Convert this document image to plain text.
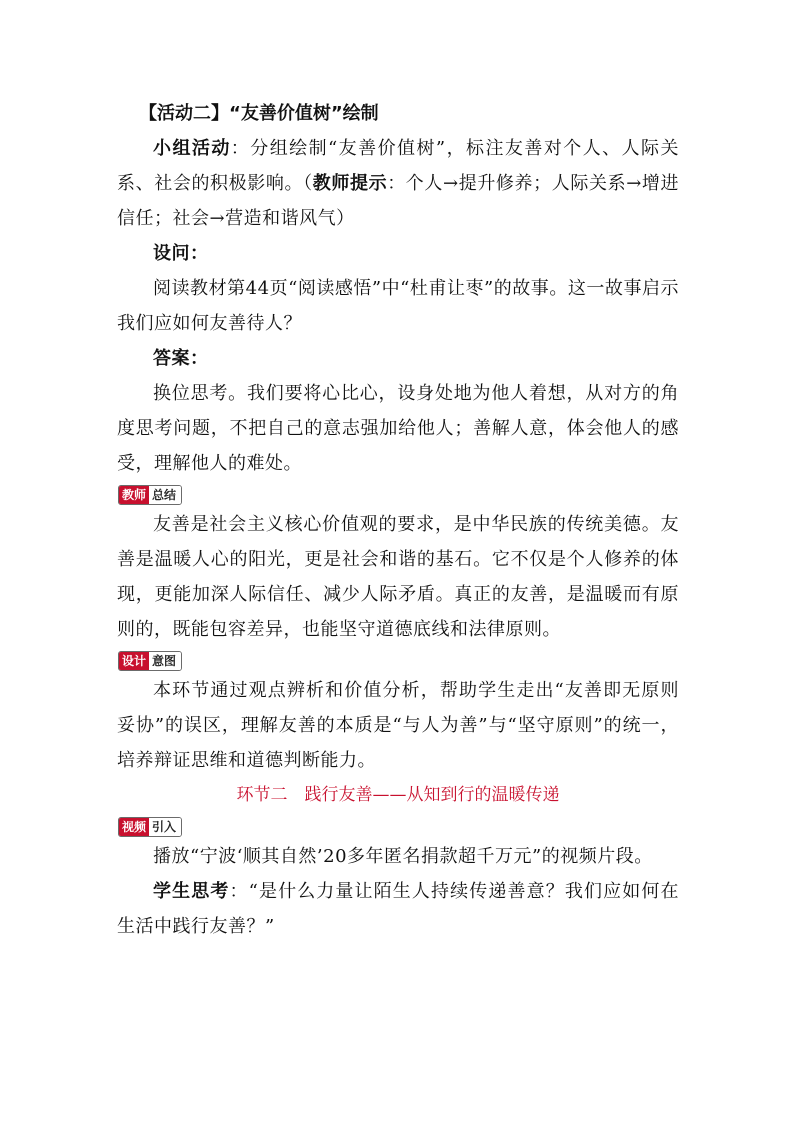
【活动二】“友善价值树”绘制

小组活动：分组绘制“友善价值树”，标注友善对个人、人际关系、社会的积极影响。（教师提示：个人→提升修养；人际关系→增进信任；社会→营造和谐风气）

设问：

阅读教材第44页“阅读感悟”中“杜甫让枣”的故事。这一故事启示我们应如何友善待人？

答案：

换位思考。我们要将心比心，设身处地为他人着想，从对方的角度思考问题，不把自己的意志强加给他人；善解人意，体会他人的感受，理解他人的难处。

教师 总结

友善是社会主义核心价值观的要求，是中华民族的传统美德。友善是温暖人心的阳光，更是社会和谐的基石。它不仅是个人修养的体现，更能加深人际信任、减少人际矛盾。真正的友善，是温暖而有原则的，既能包容差异，也能坚守道德底线和法律原则。

设计 意图

本环节通过观点辨析和价值分析，帮助学生走出“友善即无原则妥协”的误区，理解友善的本质是“与人为善”与“坚守原则”的统一，培养辩证思维和道德判断能力。

环节二　践行友善——从知到行的温暖传递

视频 引入

播放“宁波‘顺其自然’20多年匿名捐款超千万元”的视频片段。

学生思考：“是什么力量让陌生人持续传递善意？我们应如何在生活中践行友善？”
